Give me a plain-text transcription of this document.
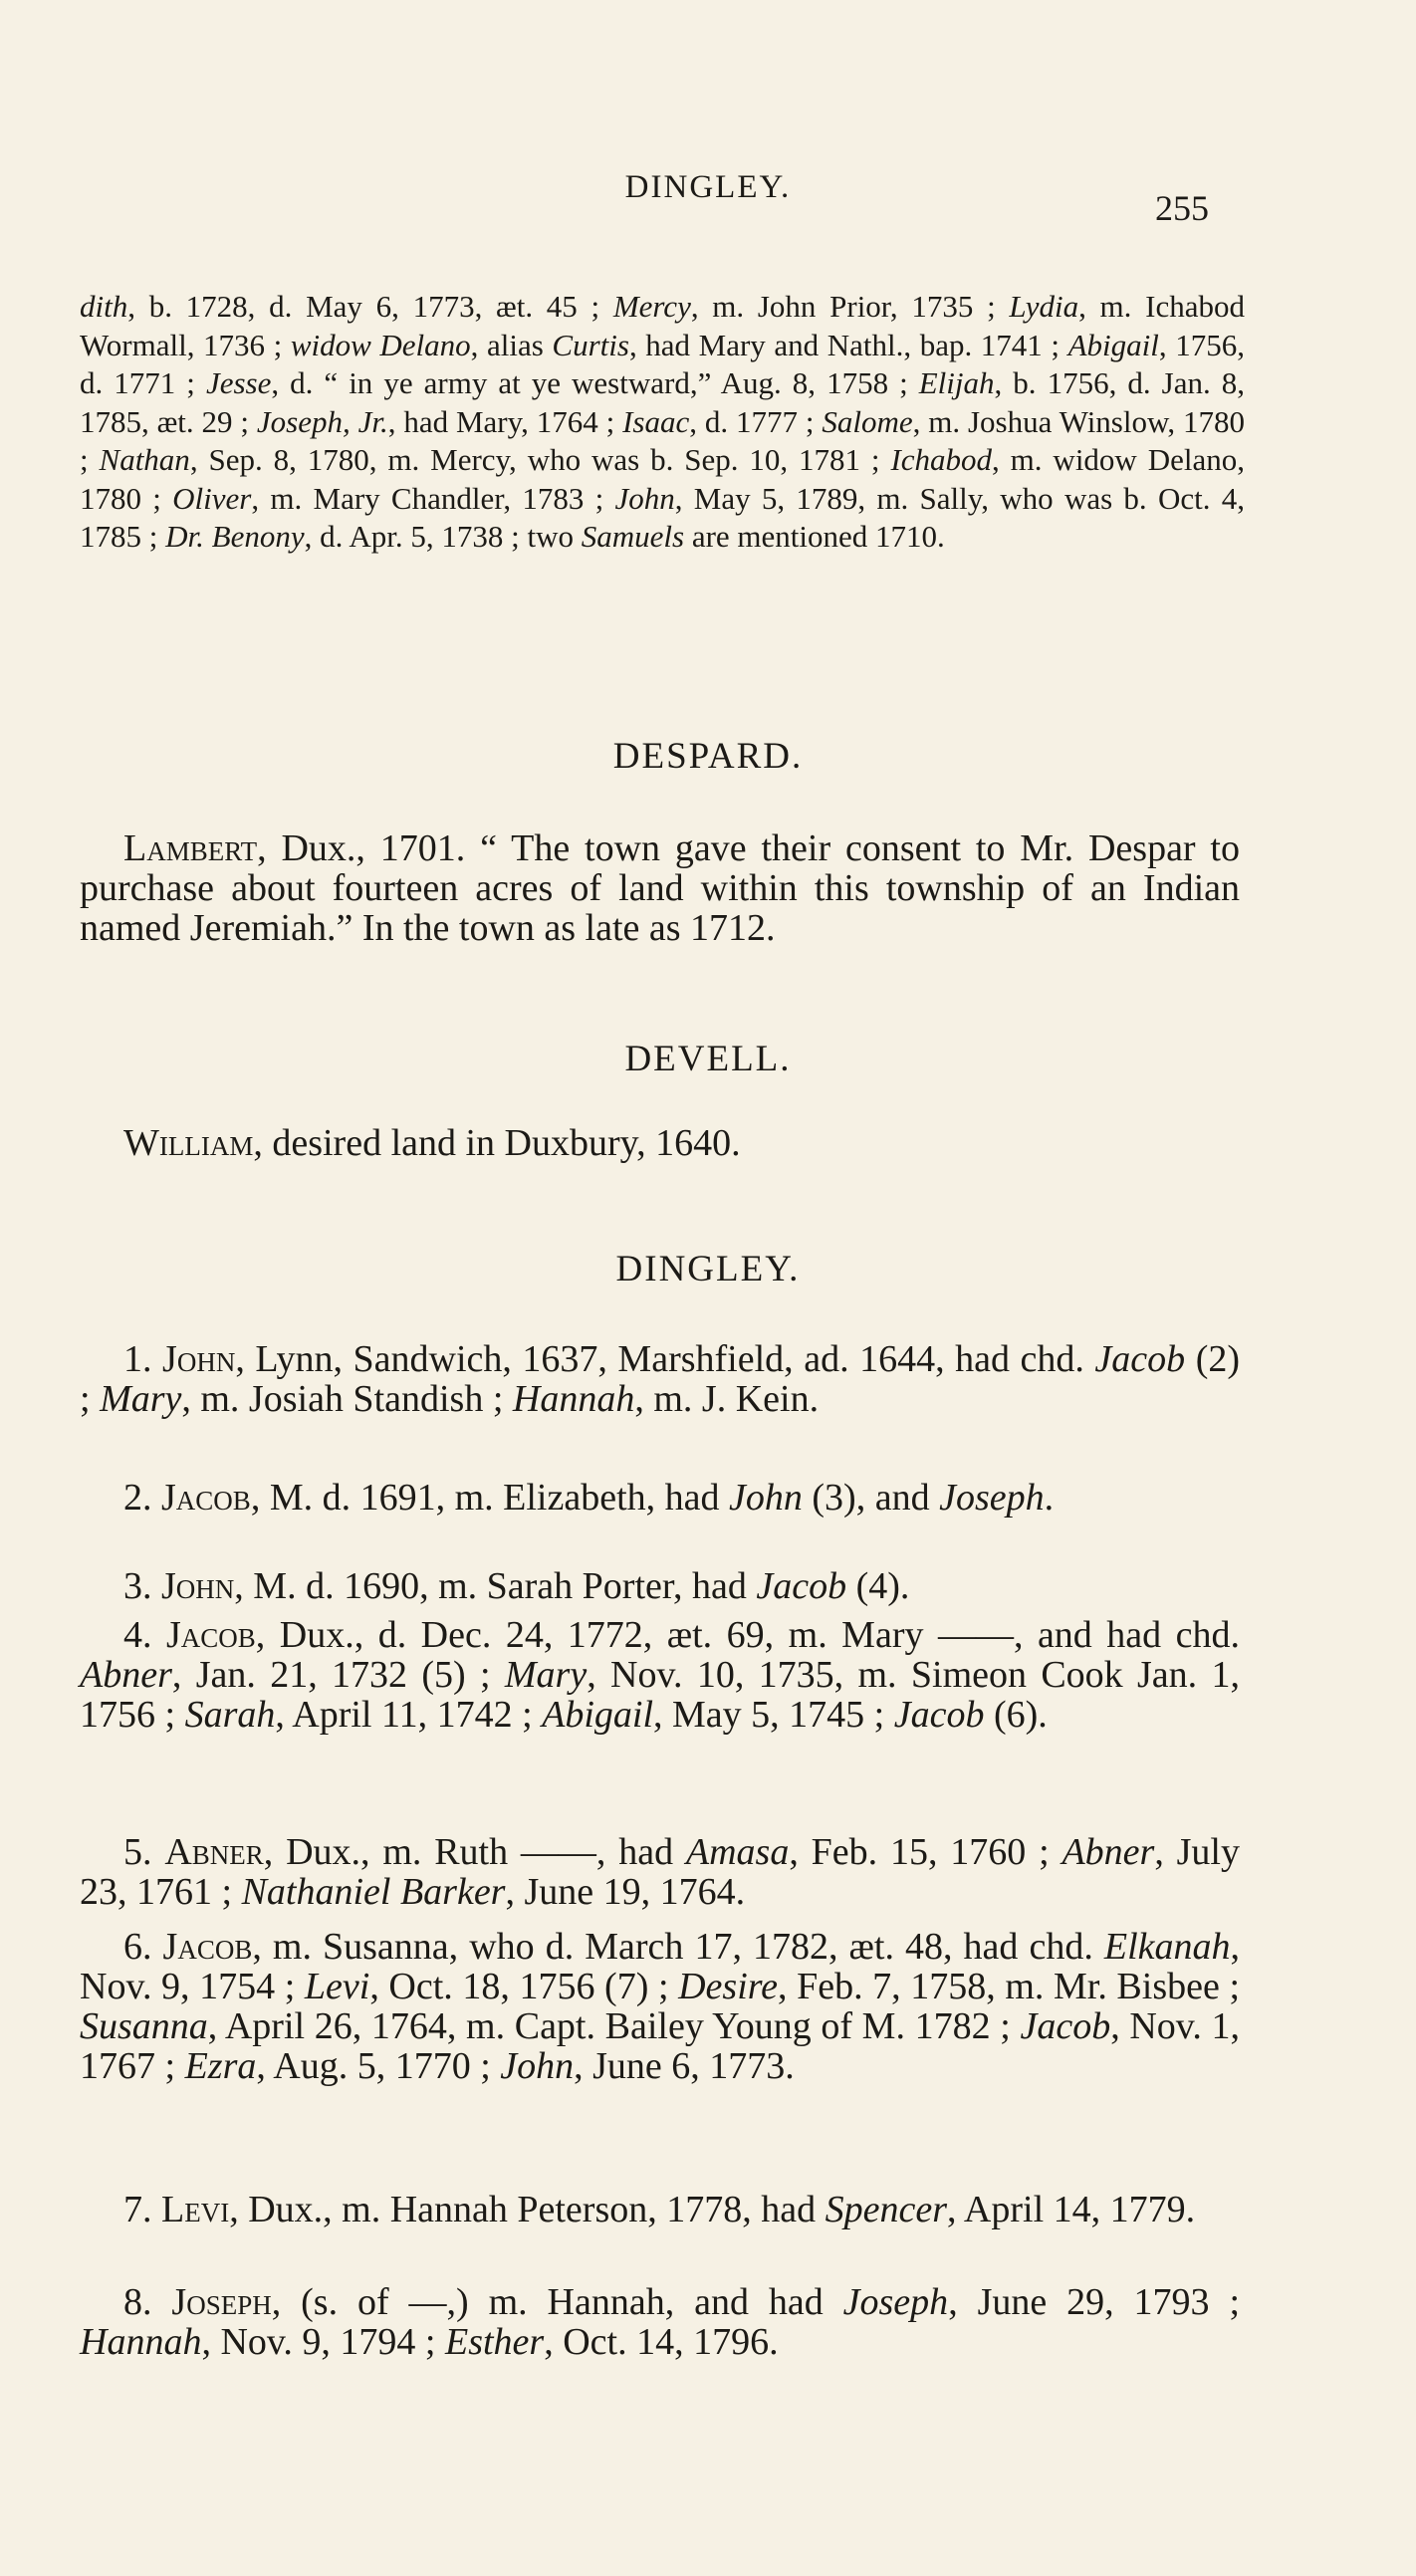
DINGLEY.
255

dith, b. 1728, d. May 6, 1773, æt. 45 ; Mercy, m. John Prior, 1735 ; Lydia, m. Ichabod Wormall, 1736 ; widow Delano, alias Curtis, had Mary and Nathl., bap. 1741 ; Abigail, 1756, d. 1771 ; Jesse, d. “ in ye army at ye westward,” Aug. 8, 1758 ; Elijah, b. 1756, d. Jan. 8, 1785, æt. 29 ; Joseph, Jr., had Mary, 1764 ; Isaac, d. 1777 ; Salome, m. Joshua Winslow, 1780 ; Nathan, Sep. 8, 1780, m. Mercy, who was b. Sep. 10, 1781 ; Ichabod, m. widow Delano, 1780 ; Oliver, m. Mary Chandler, 1783 ; John, May 5, 1789, m. Sally, who was b. Oct. 4, 1785 ; Dr. Benony, d. Apr. 5, 1738 ; two Samuels are mentioned 1710.

DESPARD.

Lambert, Dux., 1701. “ The town gave their consent to Mr. Despar to purchase about fourteen acres of land within this township of an Indian named Jeremiah.” In the town as late as 1712.

DEVELL.

William, desired land in Duxbury, 1640.

DINGLEY.

1. John, Lynn, Sandwich, 1637, Marshfield, ad. 1644, had chd. Jacob (2) ; Mary, m. Josiah Standish ; Hannah, m. J. Kein.

2. Jacob, M. d. 1691, m. Elizabeth, had John (3), and Joseph.

3. John, M. d. 1690, m. Sarah Porter, had Jacob (4).

4. Jacob, Dux., d. Dec. 24, 1772, æt. 69, m. Mary ——, and had chd. Abner, Jan. 21, 1732 (5) ; Mary, Nov. 10, 1735, m. Simeon Cook Jan. 1, 1756 ; Sarah, April 11, 1742 ; Abigail, May 5, 1745 ; Jacob (6).

5. Abner, Dux., m. Ruth ——, had Amasa, Feb. 15, 1760 ; Abner, July 23, 1761 ; Nathaniel Barker, June 19, 1764.

6. Jacob, m. Susanna, who d. March 17, 1782, æt. 48, had chd. Elkanah, Nov. 9, 1754 ; Levi, Oct. 18, 1756 (7) ; Desire, Feb. 7, 1758, m. Mr. Bisbee ; Susanna, April 26, 1764, m. Capt. Bailey Young of M. 1782 ; Jacob, Nov. 1, 1767 ; Ezra, Aug. 5, 1770 ; John, June 6, 1773.

7. Levi, Dux., m. Hannah Peterson, 1778, had Spencer, April 14, 1779.

8. Joseph, (s. of —,) m. Hannah, and had Joseph, June 29, 1793 ; Hannah, Nov. 9, 1794 ; Esther, Oct. 14, 1796.
